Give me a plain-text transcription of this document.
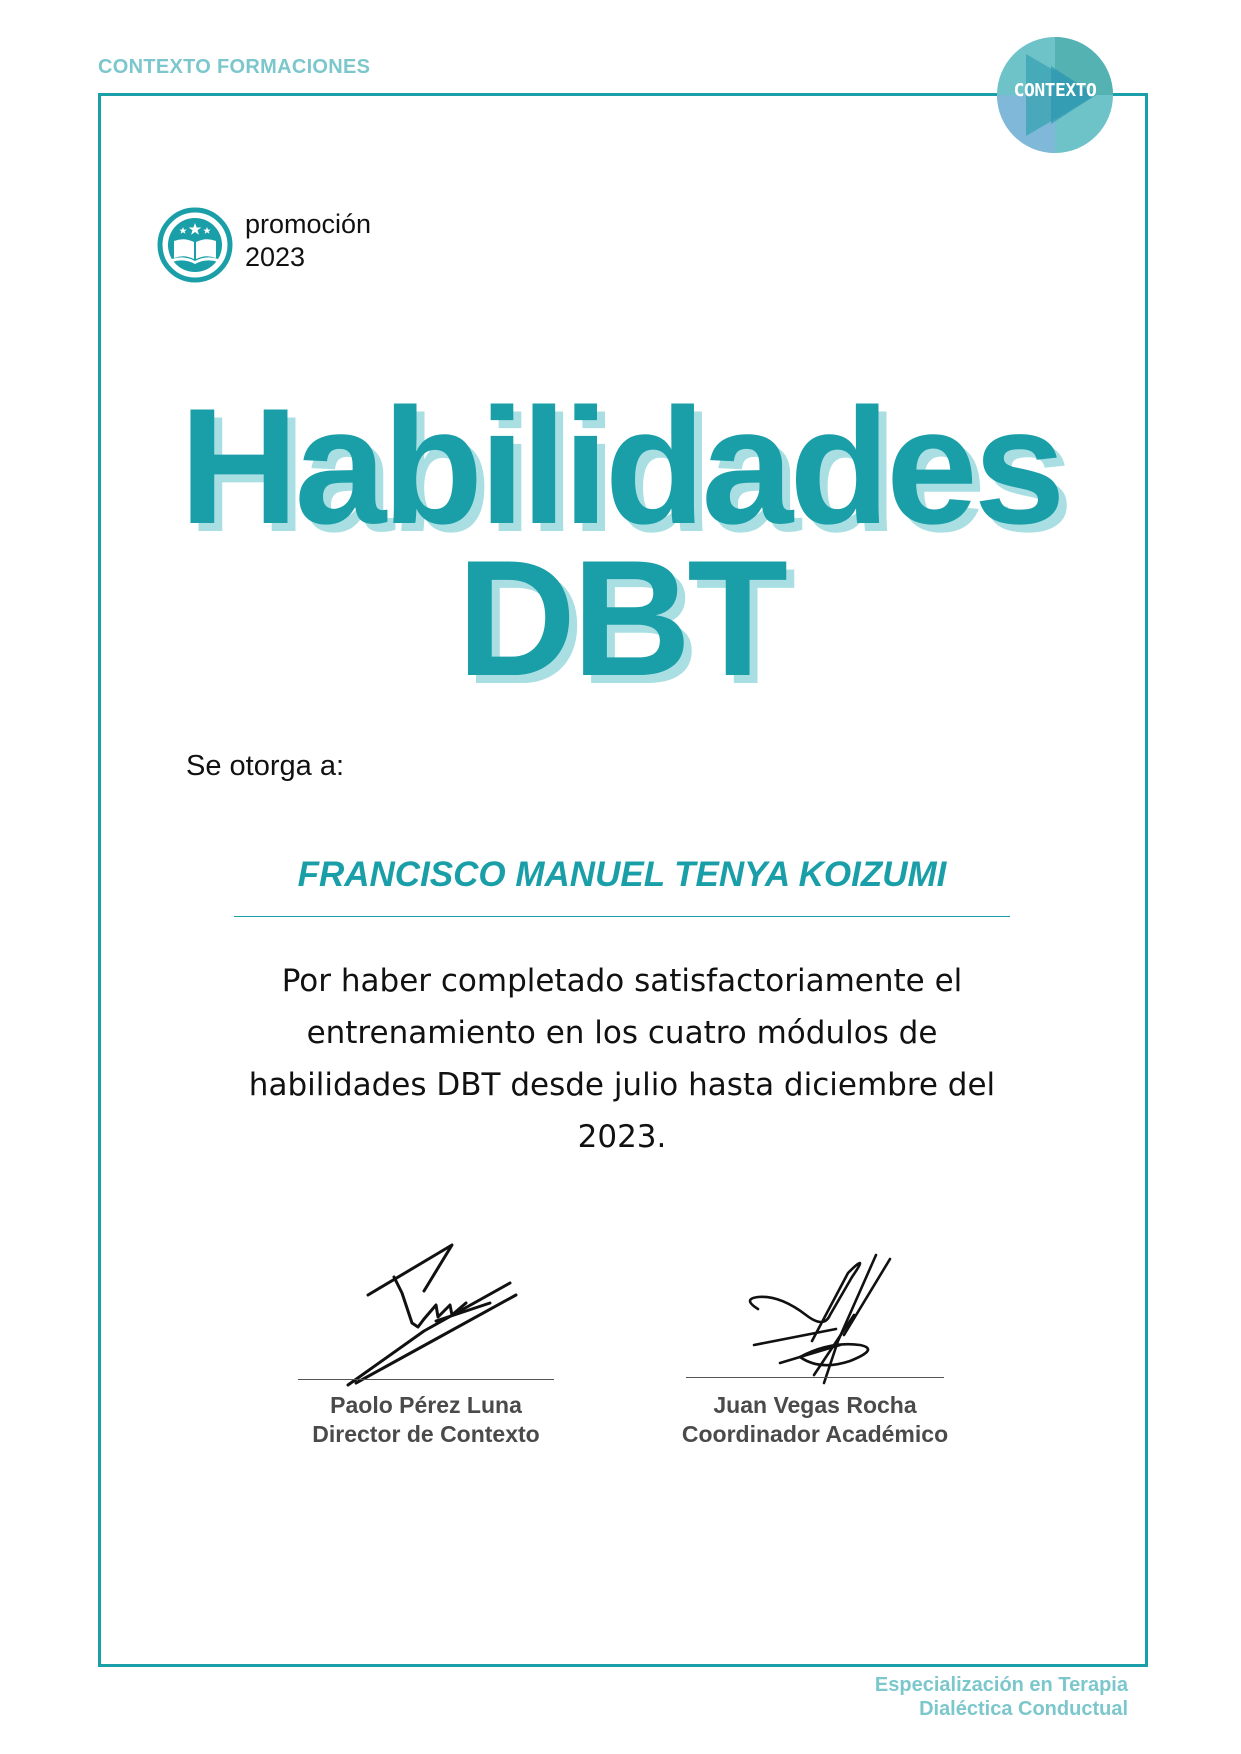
CONTEXTO FORMACIONES
CONTEXTO
promoción
2023
Habilidades
DBT
Se otorga a:
FRANCISCO MANUEL TENYA KOIZUMI
Por haber completado satisfactoriamente el
entrenamiento en los cuatro módulos de
habilidades DBT desde julio hasta diciembre del
2023.
Paolo Pérez Luna
Director de Contexto
Juan Vegas Rocha
Coordinador Académico
Especialización en Terapia
Dialéctica Conductual
